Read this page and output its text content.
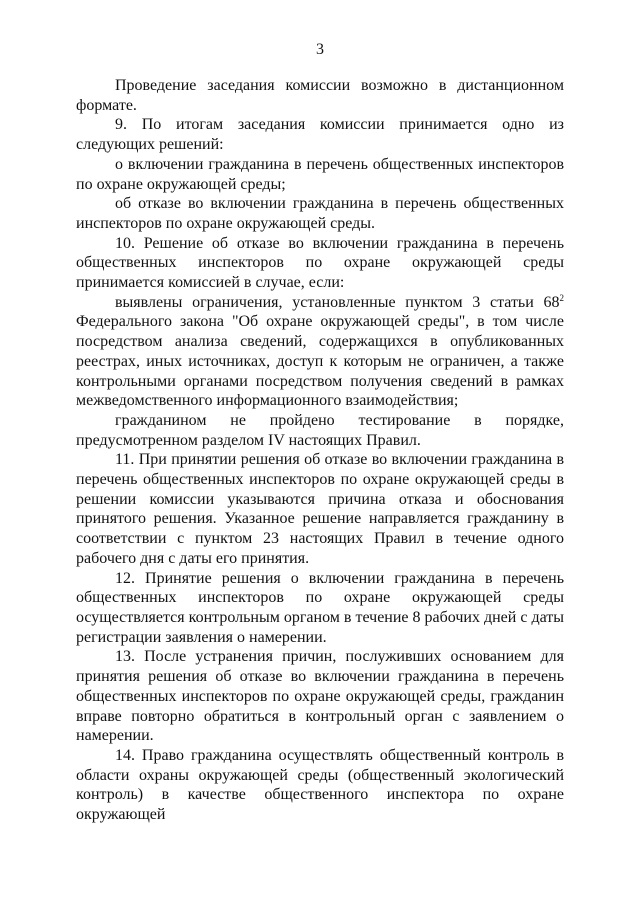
3

Проведение заседания комиссии возможно в дистанционном формате.

9. По итогам заседания комиссии принимается одно из следующих решений:

о включении гражданина в перечень общественных инспекторов по охране окружающей среды;

об отказе во включении гражданина в перечень общественных инспекторов по охране окружающей среды.

10. Решение об отказе во включении гражданина в перечень общественных инспекторов по охране окружающей среды принимается комиссией в случае, если:

выявлены ограничения, установленные пунктом 3 статьи $68^2$ Федерального закона "Об охране окружающей среды", в том числе посредством анализа сведений, содержащихся в опубликованных реестрах, иных источниках, доступ к которым не ограничен, а также контрольными органами посредством получения сведений в рамках межведомственного информационного взаимодействия;

гражданином не пройдено тестирование в порядке, предусмотренном разделом IV настоящих Правил.

11. При принятии решения об отказе во включении гражданина в перечень общественных инспекторов по охране окружающей среды в решении комиссии указываются причина отказа и обоснования принятого решения. Указанное решение направляется гражданину в соответствии с пунктом 23 настоящих Правил в течение одного рабочего дня с даты его принятия.

12. Принятие решения о включении гражданина в перечень общественных инспекторов по охране окружающей среды осуществляется контрольным органом в течение 8 рабочих дней с даты регистрации заявления о намерении.

13. После устранения причин, послуживших основанием для принятия решения об отказе во включении гражданина в перечень общественных инспекторов по охране окружающей среды, гражданин вправе повторно обратиться в контрольный орган с заявлением о намерении.

14. Право гражданина осуществлять общественный контроль в области охраны окружающей среды (общественный экологический контроль) в качестве общественного инспектора по охране окружающей
